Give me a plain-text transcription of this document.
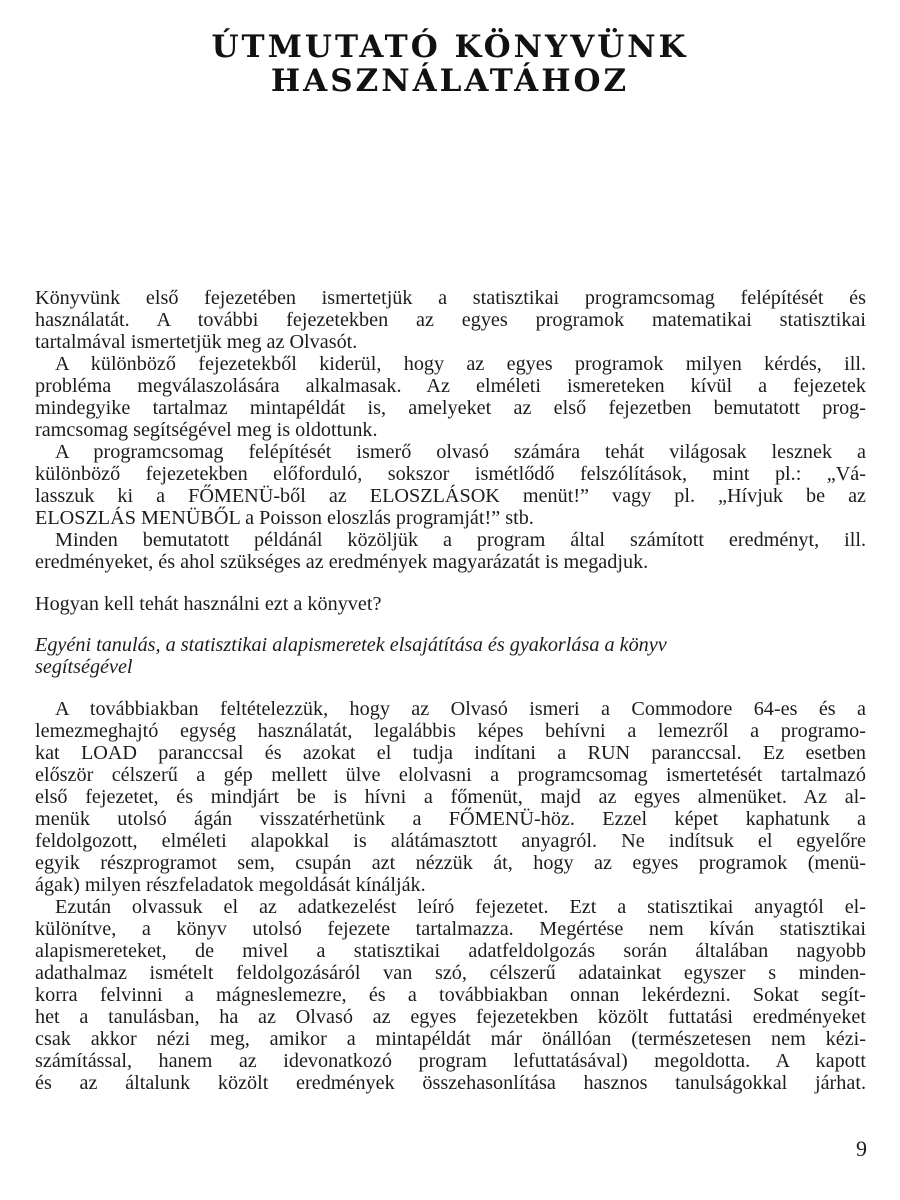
ÚTMUTATÓ KÖNYVÜNK
HASZNÁLATÁHOZ
Könyvünk első fejezetében ismertetjük a statisztikai programcsomag felépítését és
használatát. A további fejezetekben az egyes programok matematikai statisztikai
tartalmával ismertetjük meg az Olvasót.
A különböző fejezetekből kiderül, hogy az egyes programok milyen kérdés, ill.
probléma megválaszolására alkalmasak. Az elméleti ismereteken kívül a fejezetek
mindegyike tartalmaz mintapéldát is, amelyeket az első fejezetben bemutatott prog-
ramcsomag segítségével meg is oldottunk.
A programcsomag felépítését ismerő olvasó számára tehát világosak lesznek a
különböző fejezetekben előforduló, sokszor ismétlődő felszólítások, mint pl.: „Vá-
lasszuk ki a FŐMENÜ-ből az ELOSZLÁSOK menüt!” vagy pl. „Hívjuk be az
ELOSZLÁS MENÜBŐL a Poisson eloszlás programját!” stb.
Minden bemutatott példánál közöljük a program által számított eredményt, ill.
eredményeket, és ahol szükséges az eredmények magyarázatát is megadjuk.
Hogyan kell tehát használni ezt a könyvet?
Egyéni tanulás, a statisztikai alapismeretek elsajátítása és gyakorlása a könyv
segítségével
A továbbiakban feltételezzük, hogy az Olvasó ismeri a Commodore 64-es és a
lemezmeghajtó egység használatát, legalábbis képes behívni a lemezről a programo-
kat LOAD paranccsal és azokat el tudja indítani a RUN paranccsal. Ez esetben
először célszerű a gép mellett ülve elolvasni a programcsomag ismertetését tartalmazó
első fejezetet, és mindjárt be is hívni a főmenüt, majd az egyes almenüket. Az al-
menük utolsó ágán visszatérhetünk a FŐMENÜ-höz. Ezzel képet kaphatunk a
feldolgozott, elméleti alapokkal is alátámasztott anyagról. Ne indítsuk el egyelőre
egyik részprogramot sem, csupán azt nézzük át, hogy az egyes programok (menü-
ágak) milyen részfeladatok megoldását kínálják.
Ezután olvassuk el az adatkezelést leíró fejezetet. Ezt a statisztikai anyagtól el-
különítve, a könyv utolsó fejezete tartalmazza. Megértése nem kíván statisztikai
alapismereteket, de mivel a statisztikai adatfeldolgozás során általában nagyobb
adathalmaz ismételt feldolgozásáról van szó, célszerű adatainkat egyszer s minden-
korra felvinni a mágneslemezre, és a továbbiakban onnan lekérdezni. Sokat segít-
het a tanulásban, ha az Olvasó az egyes fejezetekben közölt futtatási eredményeket
csak akkor nézi meg, amikor a mintapéldát már önállóan (természetesen nem kézi-
számítással, hanem az idevonatkozó program lefuttatásával) megoldotta. A kapott
és az általunk közölt eredmények összehasonlítása hasznos tanulságokkal járhat.
9
